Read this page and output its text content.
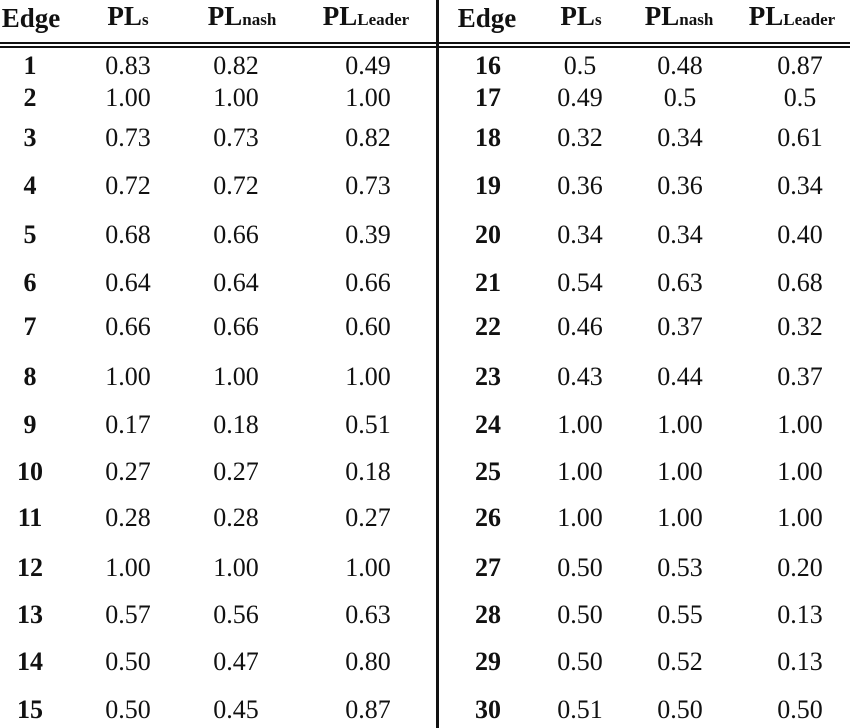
Edge PLs PLnash PLLeader Edge PLs PLnash PLLeader
1	0.83 0.82	0.49
2	1.00 1.00	1.00
3	0.73 0.73	0.82
4	0.72 0.72	0.73
5	0.68 0.66	0.39
6	0.64 0.64	0.66
7	0.66 0.66	0.60
8	1.00 1.00	1.00
9	0.17 0.18	0.51
10 0.27 0.27	0.18
11 0.28 0.28	0.27
12 1.00 1.00	1.00
13 0.57 0.56	0.63
14 0.50 0.47	0.80
15 0.50 0.45	0.87
16 0.5 0.48	0.87
17 0.49 0.5	0.5
18 0.32 0.34	0.61
19 0.36 0.36	0.34
20 0.34 0.34	0.40
21 0.54 0.63	0.68
22 0.46 0.37	0.32
23 0.43 0.44	0.37
24 1.00 1.00	1.00
25 1.00 1.00	1.00
26 1.00 1.00	1.00
27 0.50 0.53	0.20
28 0.50 0.55	0.13
29 0.50 0.52	0.13
30 0.51 0.50	0.50
